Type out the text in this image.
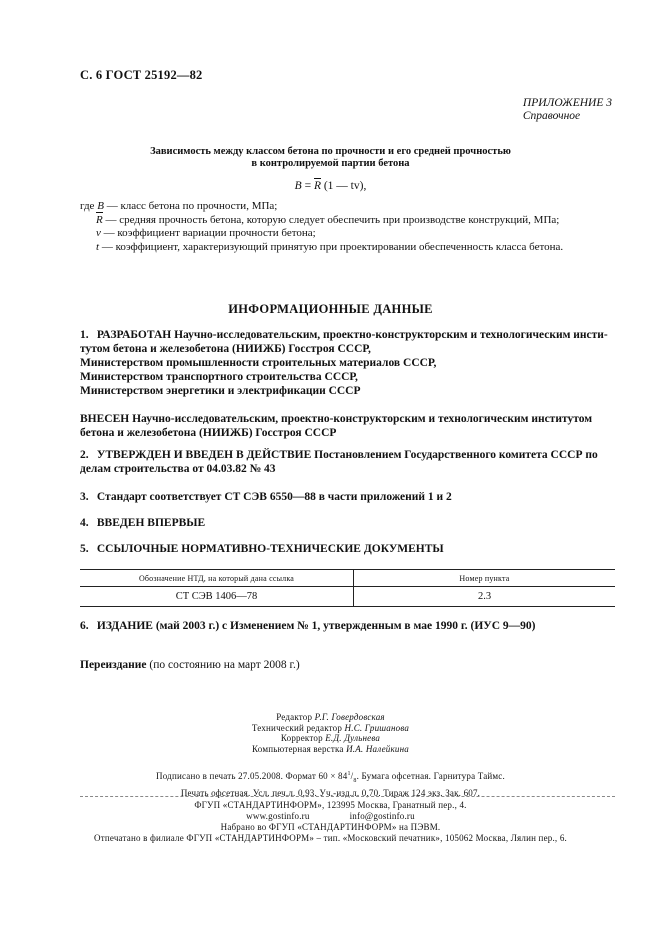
С. 6 ГОСТ 25192—82
ПРИЛОЖЕНИЕ 3
Справочное
Зависимость между классом бетона по прочности и его средней прочностью
в контролируемой партии бетона
B = R (1 — tv),
где B — класс бетона по прочности, МПа;
R — средняя прочность бетона, которую следует обеспечить при производстве конструкций, МПа;
v — коэффициент вариации прочности бетона;
t — коэффициент, характеризующий принятую при проектировании обеспеченность класса бетона.
ИНФОРМАЦИОННЫЕ ДАННЫЕ
1. РАЗРАБОТАН Научно-исследовательским, проектно-конструкторским и технологическим инсти-
тутом бетона и железобетона (НИИЖБ) Госстроя СССР,
Министерством промышленности строительных материалов СССР,
Министерством транспортного строительства СССР,
Министерством энергетики и электрификации СССР
ВНЕСЕН Научно-исследовательским, проектно-конструкторским и технологическим институтом
бетона и железобетона (НИИЖБ) Госстроя СССР
2. УТВЕРЖДЕН И ВВЕДЕН В ДЕЙСТВИЕ Постановлением Государственного комитета СССР по
делам строительства от 04.03.82 № 43
3. Стандарт соответствует СТ СЭВ 6550—88 в части приложений 1 и 2
4. ВВЕДЕН ВПЕРВЫЕ
5. ССЫЛОЧНЫЕ НОРМАТИВНО-ТЕХНИЧЕСКИЕ ДОКУМЕНТЫ
Обозначение НТД, на который дана ссылка	Номер пункта
СТ СЭВ 1406—78	2.3
6. ИЗДАНИЕ (май 2003 г.) с Изменением № 1, утвержденным в мае 1990 г. (ИУС 9—90)
Переиздание (по состоянию на март 2008 г.)
Редактор Р.Г. Говердовская
Технический редактор Н.С. Гришанова
Корректор Е.Д. Дульнева
Компьютерная верстка И.А. Налейкина
Подписано в печать 27.05.2008. Формат $60 \times 84^1/_8$. Бумага офсетная. Гарнитура Таймс.
Печать офсетная. Усл. печ.л. 0,93. Уч.-изд.л. 0,70. Тираж 124 экз. Зак. 607.
ФГУП «СТАНДАРТИНФОРМ», 123995 Москва, Гранатный пер., 4.
www.gostinfo.ru	info@gostinfo.ru
Набрано во ФГУП «СТАНДАРТИНФОРМ» на ПЭВМ.
Отпечатано в филиале ФГУП «СТАНДАРТИНФОРМ» – тип. «Московский печатник», 105062 Москва, Лялин пер., 6.
